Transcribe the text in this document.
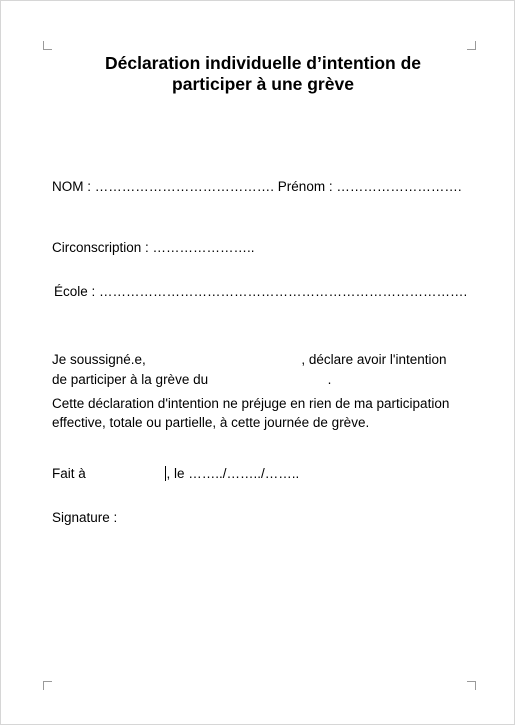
Déclaration individuelle d’intention de
participer à une grève
NOM : …………………………………. Prénom : ……………………….
Circonscription : …………………..
École : ……………………………………………………………………….
Je soussigné.e,	, déclare avoir l'intention
de participer à la grève du	.
Cette déclaration d'intention ne préjuge en rien de ma participation
effective, totale ou partielle, à cette journée de grève.
Fait à	, le ……../……../……..
Signature :
